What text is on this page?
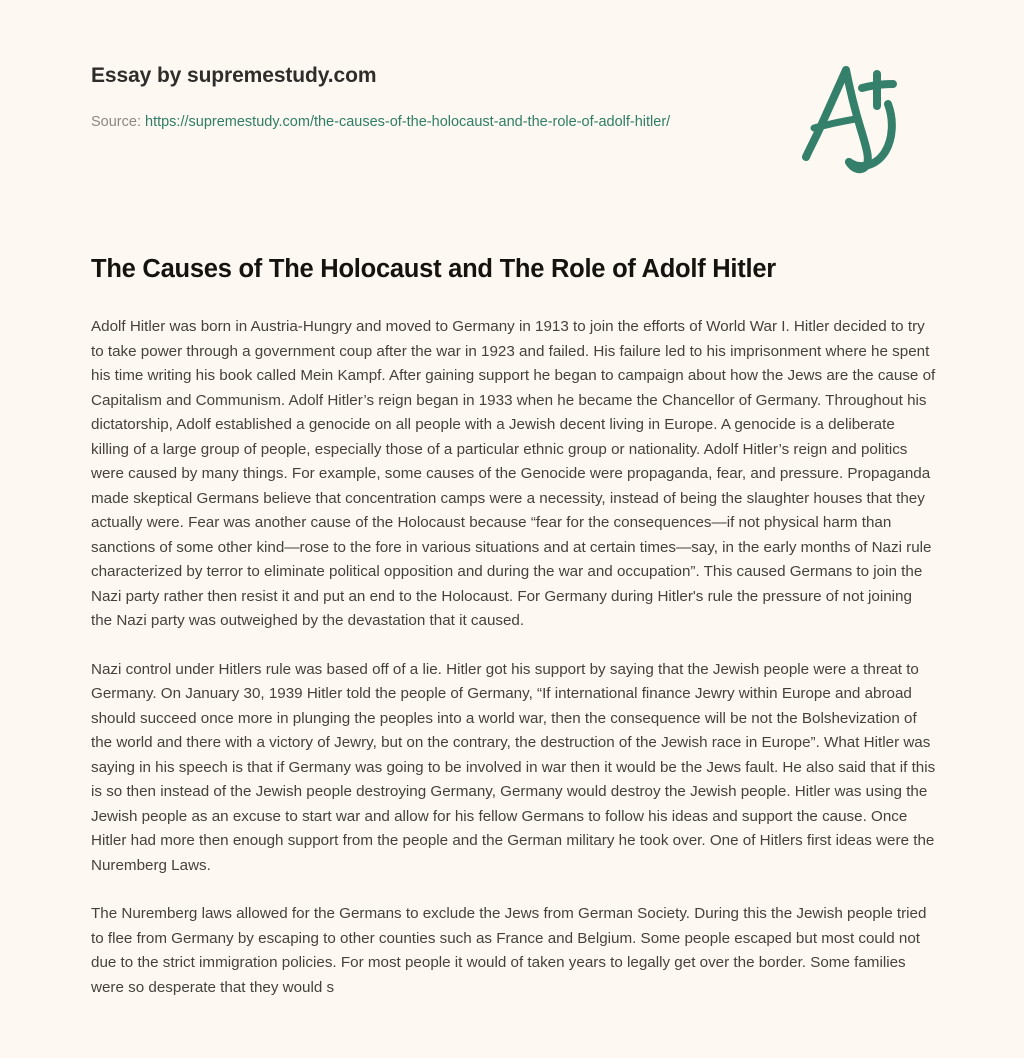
Essay by supremestudy.com
Source: https://supremestudy.com/the-causes-of-the-holocaust-and-the-role-of-adolf-hitler/
The Causes of The Holocaust and The Role of Adolf Hitler

Adolf Hitler was born in Austria-Hungry and moved to Germany in 1913 to join the efforts of World War I. Hitler decided to try to take power through a government coup after the war in 1923 and failed. His failure led to his imprisonment where he spent his time writing his book called Mein Kampf. After gaining support he began to campaign about how the Jews are the cause of Capitalism and Communism. Adolf Hitler’s reign began in 1933 when he became the Chancellor of Germany. Throughout his dictatorship, Adolf established a genocide on all people with a Jewish decent living in Europe. A genocide is a deliberate killing of a large group of people, especially those of a particular ethnic group or nationality. Adolf Hitler’s reign and politics were caused by many things. For example, some causes of the Genocide were propaganda, fear, and pressure. Propaganda made skeptical Germans believe that concentration camps were a necessity, instead of being the slaughter houses that they actually were. Fear was another cause of the Holocaust because “fear for the consequences—if not physical harm than sanctions of some other kind—rose to the fore in various situations and at certain times—say, in the early months of Nazi rule characterized by terror to eliminate political opposition and during the war and occupation”. This caused Germans to join the Nazi party rather then resist it and put an end to the Holocaust. For Germany during Hitler's rule the pressure of not joining the Nazi party was outweighed by the devastation that it caused.

Nazi control under Hitlers rule was based off of a lie. Hitler got his support by saying that the Jewish people were a threat to Germany. On January 30, 1939 Hitler told the people of Germany, “If international finance Jewry within Europe and abroad should succeed once more in plunging the peoples into a world war, then the consequence will be not the Bolshevization of the world and there with a victory of Jewry, but on the contrary, the destruction of the Jewish race in Europe”. What Hitler was saying in his speech is that if Germany was going to be involved in war then it would be the Jews fault. He also said that if this is so then instead of the Jewish people destroying Germany, Germany would destroy the Jewish people. Hitler was using the Jewish people as an excuse to start war and allow for his fellow Germans to follow his ideas and support the cause. Once Hitler had more then enough support from the people and the German military he took over. One of Hitlers first ideas were the Nuremberg Laws.

The Nuremberg laws allowed for the Germans to exclude the Jews from German Society. During this the Jewish people tried to flee from Germany by escaping to other counties such as France and Belgium. Some people escaped but most could not due to the strict immigration policies. For most people it would of taken years to legally get over the border. Some families were so desperate that they would s
